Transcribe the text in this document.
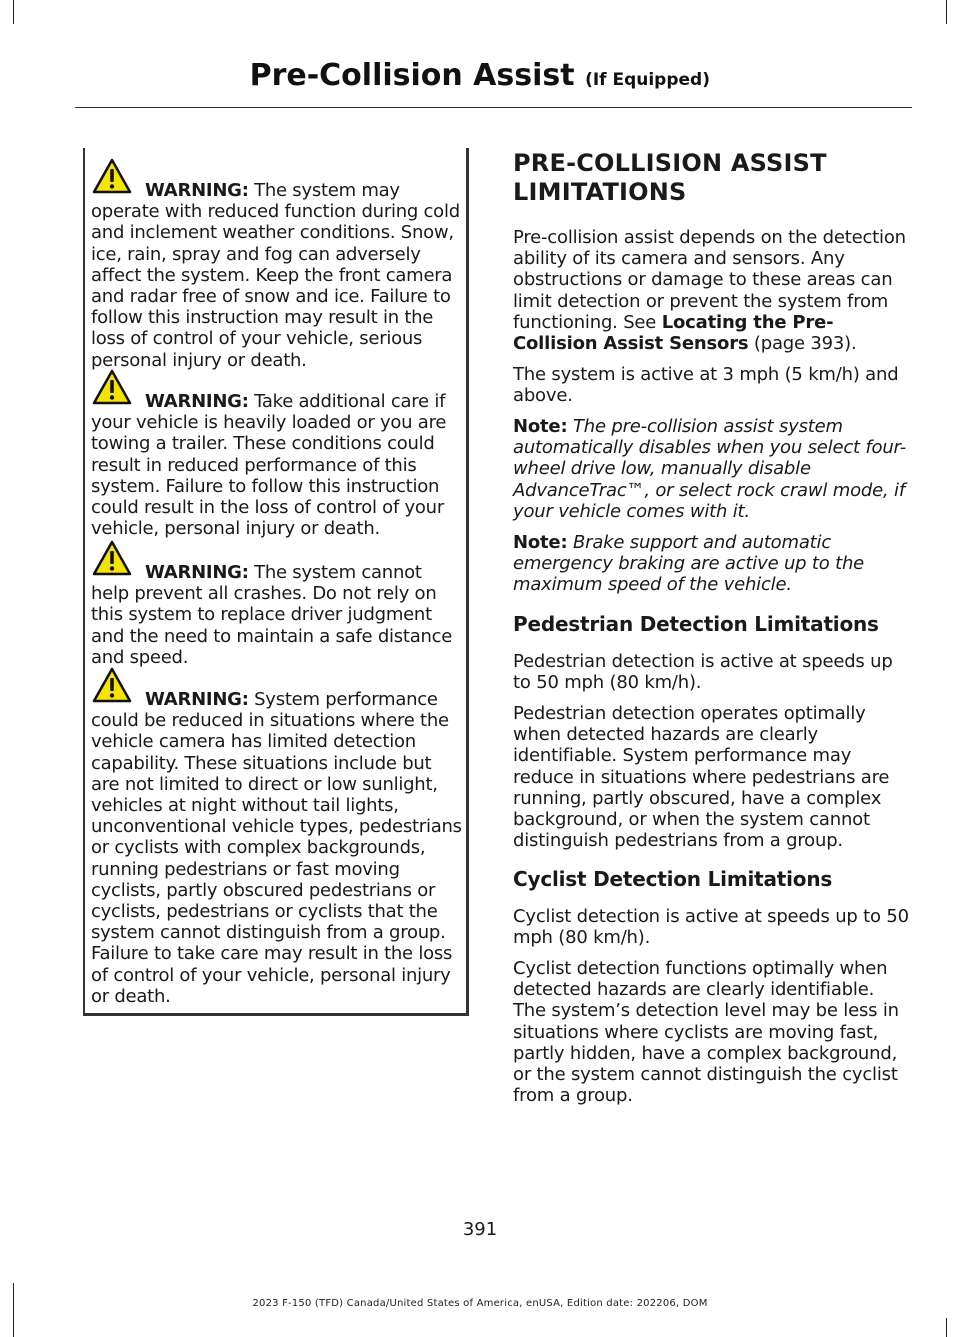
Pre-Collision Assist (If Equipped)
WARNING: The system may operate with reduced function during cold and inclement weather conditions. Snow, ice, rain, spray and fog can adversely affect the system. Keep the front camera and radar free of snow and ice. Failure to follow this instruction may result in the loss of control of your vehicle, serious personal injury or death.
WARNING: Take additional care if your vehicle is heavily loaded or you are towing a trailer. These conditions could result in reduced performance of this system. Failure to follow this instruction could result in the loss of control of your vehicle, personal injury or death.
WARNING: The system cannot help prevent all crashes. Do not rely on this system to replace driver judgment and the need to maintain a safe distance and speed.
WARNING: System performance could be reduced in situations where the vehicle camera has limited detection capability. These situations include but are not limited to direct or low sunlight, vehicles at night without tail lights, unconventional vehicle types, pedestrians or cyclists with complex backgrounds, running pedestrians or fast moving cyclists, partly obscured pedestrians or cyclists, pedestrians or cyclists that the system cannot distinguish from a group. Failure to take care may result in the loss of control of your vehicle, personal injury or death.
PRE-COLLISION ASSIST LIMITATIONS
Pre-collision assist depends on the detection ability of its camera and sensors. Any obstructions or damage to these areas can limit detection or prevent the system from functioning. See Locating the Pre-Collision Assist Sensors (page 393).
The system is active at 3 mph (5 km/h) and above.
Note: The pre-collision assist system automatically disables when you select four-wheel drive low, manually disable AdvanceTrac™, or select rock crawl mode, if your vehicle comes with it.
Note: Brake support and automatic emergency braking are active up to the maximum speed of the vehicle.
Pedestrian Detection Limitations
Pedestrian detection is active at speeds up to 50 mph (80 km/h).
Pedestrian detection operates optimally when detected hazards are clearly identifiable. System performance may reduce in situations where pedestrians are running, partly obscured, have a complex background, or when the system cannot distinguish pedestrians from a group.
Cyclist Detection Limitations
Cyclist detection is active at speeds up to 50 mph (80 km/h).
Cyclist detection functions optimally when detected hazards are clearly identifiable. The system’s detection level may be less in situations where cyclists are moving fast, partly hidden, have a complex background, or the system cannot distinguish the cyclist from a group.
391
2023 F-150 (TFD) Canada/United States of America, enUSA, Edition date: 202206, DOM
